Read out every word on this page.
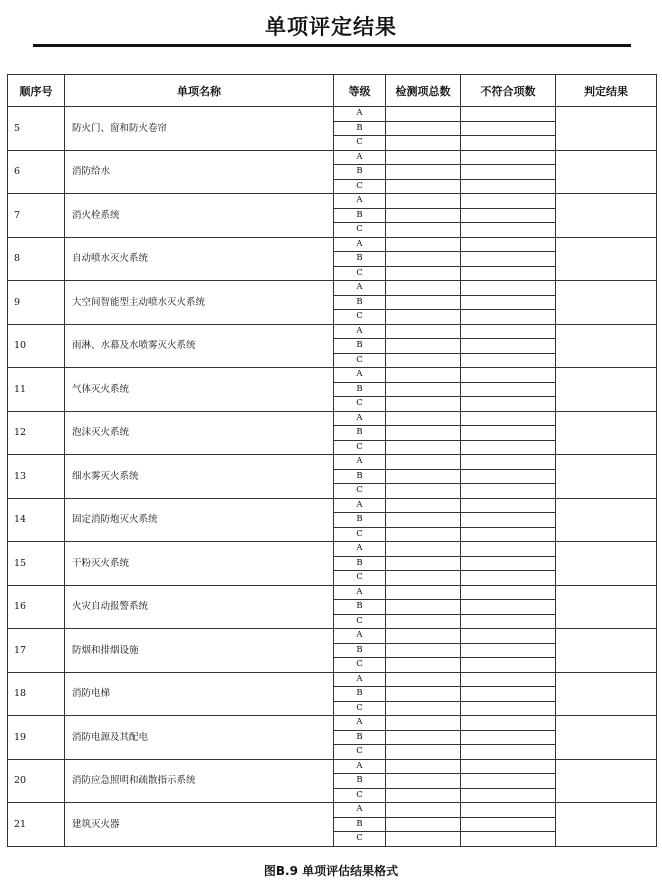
单项评定结果
顺序号	单项名称	等级	检测项总数	不符合项数	判定结果
5	防火门、窗和防火卷帘	A			
		B			
		C			
6	消防给水	A			
		B			
		C			
7	消火栓系统	A			
		B			
		C			
8	自动喷水灭火系统	A			
		B			
		C			
9	大空间智能型主动喷水灭火系统	A			
		B			
		C			
10	雨淋、水幕及水喷雾灭火系统	A			
		B			
		C			
11	气体灭火系统	A			
		B			
		C			
12	泡沫灭火系统	A			
		B			
		C			
13	细水雾灭火系统	A			
		B			
		C			
14	固定消防炮灭火系统	A			
		B			
		C			
15	干粉灭火系统	A			
		B			
		C			
16	火灾自动报警系统	A			
		B			
		C			
17	防烟和排烟设施	A			
		B			
		C			
18	消防电梯	A			
		B			
		C			
19	消防电源及其配电	A			
		B			
		C			
20	消防应急照明和疏散指示系统	A			
		B			
		C			
21	建筑灭火器	A			
		B			
		C			
图B.9 单项评估结果格式
